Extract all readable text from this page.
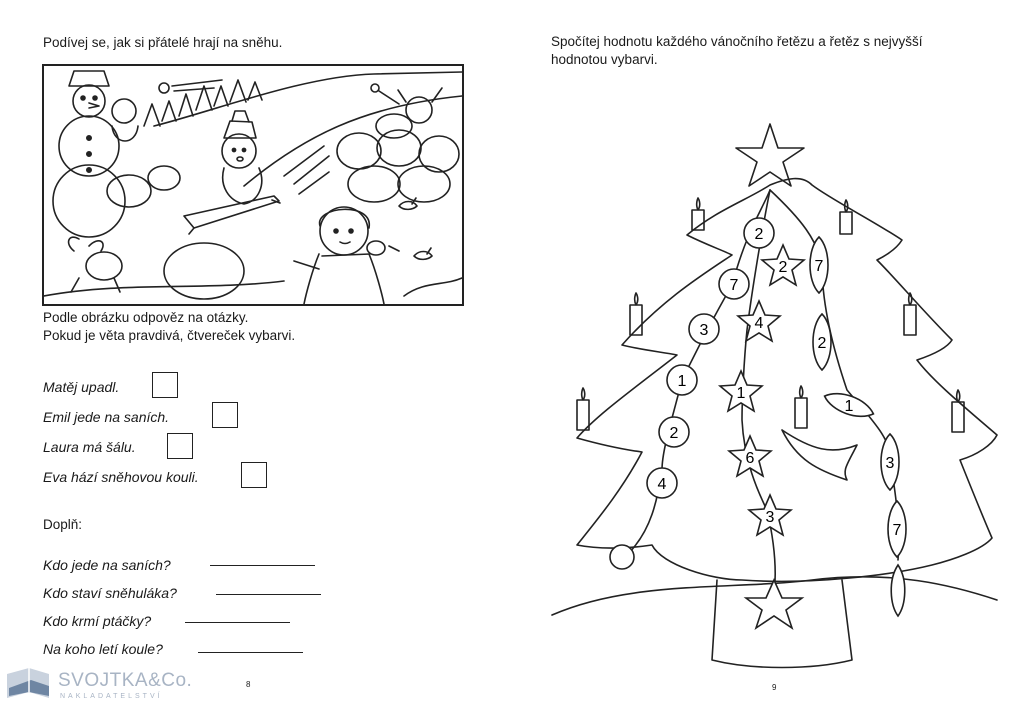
Podívej se, jak si přátelé hrají na sněhu.
Podle obrázku odpověz na otázky.
Pokud je věta pravdivá, čtvereček vybarvi.
Matěj upadl.
Emil jede na saních.
Laura má šálu.
Eva hází sněhovou kouli.
Doplň:
Kdo jede na saních?
Kdo staví sněhuláka?
Kdo krmí ptáčky?
Na koho letí koule?
8
SVOJTKA&Co.
NAKLADATELSTVÍ
Spočítej hodnotu každého vánočního řetězu a řetěz s nejvyšší
hodnotou vybarvi.
2
7
3
1
2
4
2
4
1
6
3
7
2
1
3
7
9
